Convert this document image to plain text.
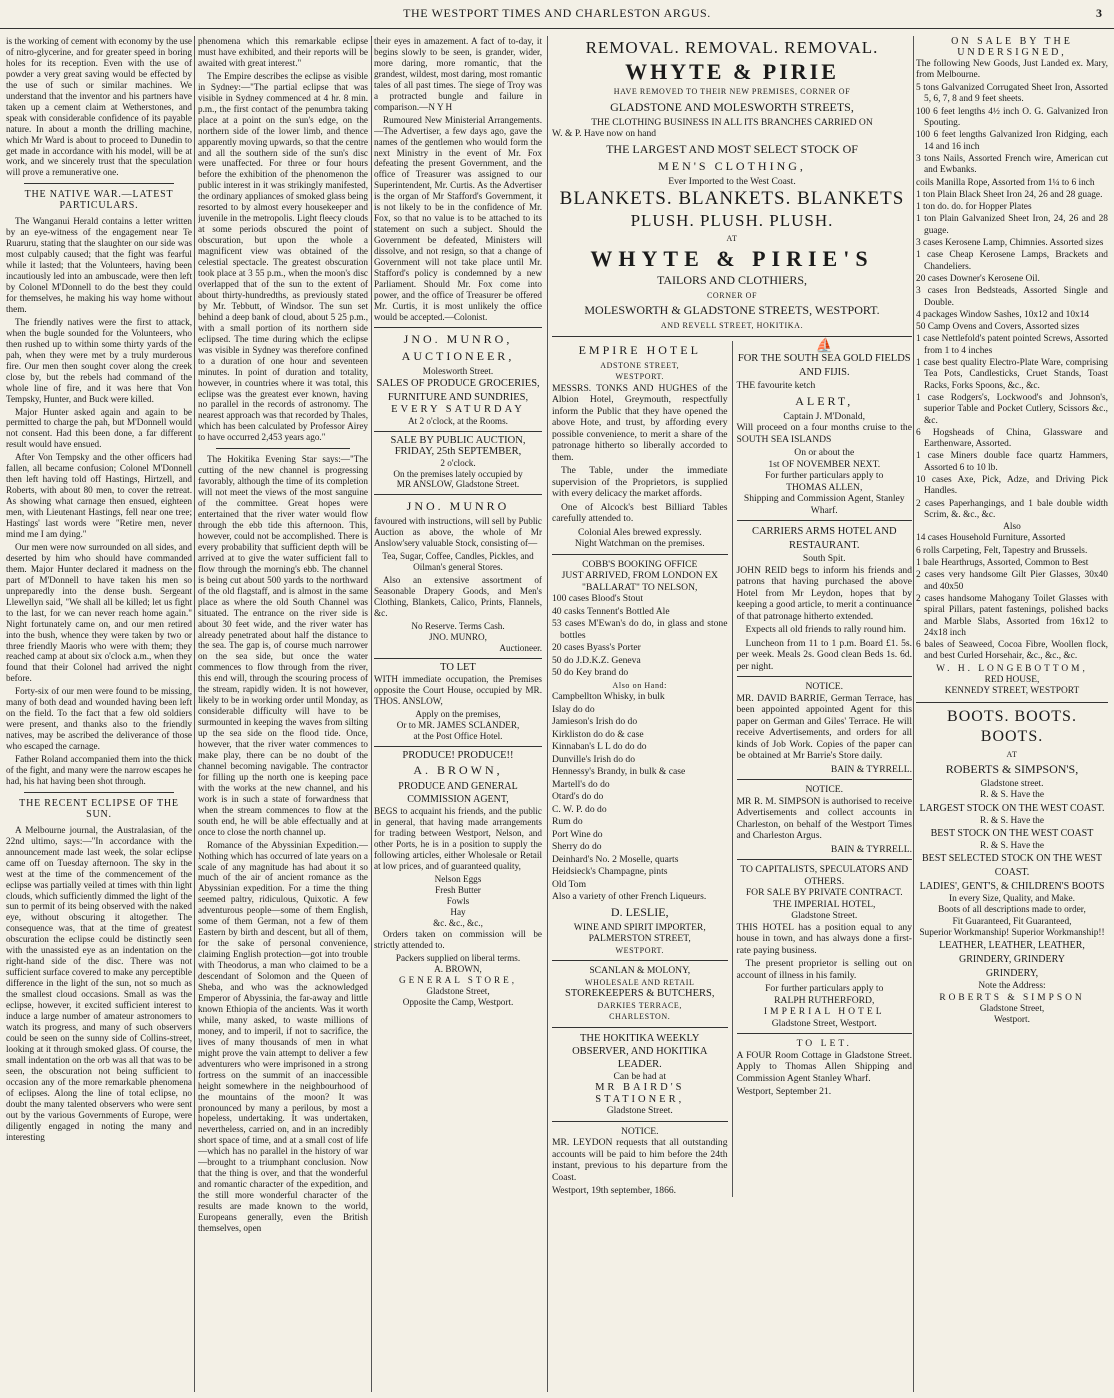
THE WESTPORT TIMES AND CHARLESTON ARGUS.	3

is the working of cement with economy by the use of nitro-glycerine, and for greater speed in boring holes for its reception. Even with the use of powder a very great saving would be effected by the use of such or similar machines. We understand that the inventor and his partners have taken up a cement claim at Wetherstones, and speak with considerable confidence of its payable nature. In about a month the drilling machine, which Mr Ward is about to proceed to Dunedin to get made in accordance with his model, will be at work, and we sincerely trust that the speculation will prove a remunerative one.

THE NATIVE WAR.—LATEST PARTICULARS.

The Wanganui Herald contains a letter written by an eye-witness of the engagement near Te Ruaruru, stating that the slaughter on our side was most culpably caused; that the fight was fearful while it lasted; that the Volunteers, having been incautiously led into an ambuscade, were then left by Colonel M'Donnell to do the best they could for themselves, he making his way home without them.

The friendly natives were the first to attack, when the bugle sounded for the Volunteers, who then rushed up to within some thirty yards of the pah, when they were met by a truly murderous fire. Our men then sought cover along the creek close by, but the rebels had command of the whole line of fire, and it was here that Von Tempsky, Hunter, and Buck were killed.

Major Hunter asked again and again to be permitted to charge the pah, but M'Donnell would not consent. Had this been done, a far different result would have ensued.

After Von Tempsky and the other officers had fallen, all became confusion; Colonel M'Donnell then left having told off Hastings, Hirtzell, and Roberts, with about 80 men, to cover the retreat. As showing what carnage then ensued, eighteen men, with Lieutenant Hastings, fell near one tree; Hastings' last words were "Retire men, never mind me I am dying."

Our men were now surrounded on all sides, and deserted by him who should have commanded them. Major Hunter declared it madness on the part of M'Donnell to have taken his men so unpreparedly into the dense bush. Sergeant Llewellyn said, "We shall all be killed; let us fight to the last, for we can never reach home again." Night fortunately came on, and our men retired into the bush, whence they were taken by two or three friendly Maoris who were with them; they reached camp at about six o'clock a.m., when they found that their Colonel had arrived the night before.

Forty-six of our men were found to be missing, many of both dead and wounded having been left on the field. To the fact that a few old soldiers were present, and thanks also to the friendly natives, may be ascribed the deliverance of those who escaped the carnage.

Father Roland accompanied them into the thick of the fight, and many were the narrow escapes he had, his hat having been shot through.

THE RECENT ECLIPSE OF THE SUN.

A Melbourne journal, the Australasian, of the 22nd ultimo, says:—"In accordance with the announcement made last week, the solar eclipse came off on Tuesday afternoon. The sky in the west at the time of the commencement of the eclipse was partially veiled at times with thin light clouds, which sufficiently dimmed the light of the sun to permit of its being observed with the naked eye, without obscuring it altogether. The consequence was, that at the time of greatest obscuration the eclipse could be distinctly seen with the unassisted eye as an indentation on the right-hand side of the disc. There was not sufficient surface covered to make any perceptible difference in the light of the sun, not so much as the smallest cloud occasions. Small as was the eclipse, however, it excited sufficient interest to induce a large number of amateur astronomers to watch its progress, and many of such observers could be seen on the sunny side of Collins-street, looking at it through smoked glass. Of course, the small indentation on the orb was all that was to be seen, the obscuration not being sufficient to occasion any of the more remarkable phenomena of eclipses. Along the line of total eclipse, no doubt the many talented observers who were sent out by the various Governments of Europe, were diligently engaged in noting the many and interesting

phenomena which this remarkable eclipse must have exhibited, and their reports will be awaited with great interest."

The Empire describes the eclipse as visible in Sydney:—"The partial eclipse that was visible in Sydney commenced at 4 hr. 8 min. p.m., the first contact of the penumbra taking place at a point on the sun's edge, on the northern side of the lower limb, and thence apparently moving upwards, so that the centre and all the southern side of the sun's disc were unaffected. For three or four hours before the exhibition of the phenomenon the public interest in it was strikingly manifested, the ordinary appliances of smoked glass being resorted to by almost every housekeeper and juvenile in the metropolis. Light fleecy clouds at some periods obscured the point of obscuration, but upon the whole a magnificent view was obtained of the celestial spectacle. The greatest obscuration took place at 3 55 p.m., when the moon's disc overlapped that of the sun to the extent of about thirty-hundredths, as previously stated by Mr. Tebbutt, of Windsor. The sun set behind a deep bank of cloud, about 5 25 p.m., with a small portion of its northern side eclipsed. The time during which the eclipse was visible in Sydney was therefore confined to a duration of one hour and seventeen minutes. In point of duration and totality, however, in countries where it was total, this eclipse was the greatest ever known, having no parallel in the records of astronomy. The nearest approach was that recorded by Thales, which has been calculated by Professor Airey to have occurred 2,453 years ago."

The Hokitika Evening Star says:—"The cutting of the new channel is progressing favorably, although the time of its completion will not meet the views of the most sanguine of the committee. Great hopes were entertained that the river water would flow through the ebb tide this afternoon. This, however, could not be accomplished. There is every probability that sufficient depth will be arrived at to give the water sufficient fall to flow through the morning's ebb. The channel is being cut about 500 yards to the northward of the old flagstaff, and is almost in the same place as where the old South Channel was situated. The entrance on the river side is about 30 feet wide, and the river water has already penetrated about half the distance to the sea. The gap is, of course much narrower on the sea side, but once the water commences to flow through from the river, this end will, through the scouring process of the stream, rapidly widen. It is not however, likely to be in working order until Monday, as considerable difficulty will have to be surmounted in keeping the waves from silting up the sea side on the flood tide. Once, however, that the river water commences to make play, there can be no doubt of the channel becoming navigable. The contractor for filling up the north one is keeping pace with the works at the new channel, and his work is in such a state of forwardness that when the stream commences to flow at the south end, he will be able effectually and at once to close the north channel up.

Romance of the Abyssinian Expedition.—Nothing which has occurred of late years on a scale of any magnitude has had about it so much of the air of ancient romance as the Abyssinian expedition. For a time the thing seemed paltry, ridiculous, Quixotic. A few adventurous people—some of them English, some of them German, not a few of them Eastern by birth and descent, but all of them, for the sake of personal convenience, claiming English protection—got into trouble with Theodorus, a man who claimed to be a descendant of Solomon and the Queen of Sheba, and who was the acknowledged Emperor of Abyssinia, the far-away and little known Ethiopia of the ancients. Was it worth while, many asked, to waste millions of money, and to imperil, if not to sacrifice, the lives of many thousands of men in what might prove the vain attempt to deliver a few adventurers who were imprisoned in a strong fortress on the summit of an inaccessible height somewhere in the neighbourhood of the mountains of the moon? It was pronounced by many a perilous, by most a hopeless, undertaking. It was undertaken, nevertheless, carried on, and in an incredibly short space of time, and at a small cost of life—which has no parallel in the history of war—brought to a triumphant conclusion. Now that the thing is over, and that the wonderful and romantic character of the expedition, and the still more wonderful character of the results are made known to the world, Europeans generally, even the British themselves, open

their eyes in amazement. A fact of to-day, it begins slowly to be seen, is grander, wider, more daring, more romantic, that the grandest, wildest, most daring, most romantic tales of all past times. The siege of Troy was a protracted bungle and failure in comparison.—N Y H

Rumoured New Ministerial Arrangements.—The Advertiser, a few days ago, gave the names of the gentlemen who would form the next Ministry in the event of Mr. Fox defeating the present Government, and the office of Treasurer was assigned to our Superintendent, Mr. Curtis. As the Advertiser is the organ of Mr Stafford's Government, it is not likely to be in the confidence of Mr. Fox, so that no value is to be attached to its statement on such a subject. Should the Government be defeated, Ministers will dissolve, and not resign, so that a change of Government will not take place until Mr. Stafford's policy is condemned by a new Parliament. Should Mr. Fox come into power, and the office of Treasurer be offered Mr. Curtis, it is most unlikely the office would be accepted.—Colonist.

JNO. MUNRO,
AUCTIONEER,
Molesworth Street.
SALES OF PRODUCE GROCERIES, FURNITURE AND SUNDRIES,
EVERY SATURDAY
At 2 o'clock, at the Rooms.
SALE BY PUBLIC AUCTION,
FRIDAY, 25th SEPTEMBER,
2 o'clock.
On the premises lately occupied by
MR ANSLOW, Gladstone Street.
JNO. MUNRO

favoured with instructions, will sell by Public Auction as above, the whole of Mr Anslow'sery valuable Stock, consisting of—

Tea, Sugar, Coffee, Candles, Pickles, and Oilman's general Stores.

Also an extensive assortment of Seasonable Drapery Goods, and Men's Clothing, Blankets, Calico, Prints, Flannels, &c.

No Reserve. Terms Cash.
JNO. MUNRO,
Auctioneer.
TO LET

WITH immediate occupation, the Premises opposite the Court House, occupied by MR. THOS. ANSLOW,

Apply on the premises,
Or to MR. JAMES SCLANDER,
at the Post Office Hotel.
PRODUCE! PRODUCE!!
A. BROWN,
PRODUCE AND GENERAL COMMISSION AGENT,

BEGS to acquaint his friends, and the public in general, that having made arrangements for trading between Westport, Nelson, and other Ports, he is in a position to supply the following articles, either Wholesale or Retail at low prices, and of guaranteed quality,

Nelson Eggs
Fresh Butter
Fowls
Hay
&c. &c., &c.,

Orders taken on commission will be strictly attended to.

Packers supplied on liberal terms.
A. BROWN,
GENERAL STORE,
Gladstone Street,
Opposite the Camp, Westport.
REMOVAL. REMOVAL. REMOVAL.
WHYTE & PIRIE
HAVE REMOVED TO THEIR NEW PREMISES, CORNER OF
GLADSTONE AND MOLESWORTH STREETS,
THE CLOTHING BUSINESS IN ALL ITS BRANCHES CARRIED ON
W. & P. Have now on hand
THE LARGEST AND MOST SELECT STOCK OF
MEN'S CLOTHING,
Ever Imported to the West Coast.
BLANKETS. BLANKETS. BLANKETS
PLUSH. PLUSH. PLUSH.
AT
WHYTE & PIRIE'S
TAILORS AND CLOTHIERS,
CORNER OF
MOLESWORTH & GLADSTONE STREETS, WESTPORT.
AND REVELL STREET, HOKITIKA.
EMPIRE HOTEL
ADSTONE STREET,
WESTPORT.

MESSRS. TONKS AND HUGHES of the Albion Hotel, Greymouth, respectfully inform the Public that they have opened the above Hote, and trust, by affording every possible convenience, to merit a share of the patronage hitherto so liberally accorded to them.

The Table, under the immediate supervision of the Proprietors, is supplied with every delicacy the market affords.

One of Alcock's best Billiard Tables carefully attended to.

Colonial Ales brewed expressly.
Night Watchman on the premises.
COBB'S BOOKING OFFICE
JUST ARRIVED, FROM LONDON EX "BALLARAT" TO NELSON,
100 cases Blood's Stout
40 casks Tennent's Bottled Ale
53 cases M'Ewan's do do, in glass and stone bottles
20 cases Byass's Porter
50 do J.D.K.Z. Geneva
50 do Key brand do
Also on Hand:
Campbellton Whisky, in bulk
Islay do do
Jamieson's Irish do do
Kirkliston do do & case
Kinnaban's L L do do do
Dunville's Irish do do
Hennessy's Brandy, in bulk & case
Martell's do do
Otard's do do
C. W. P. do do
Rum do
Port Wine do
Sherry do do
Deinhard's No. 2 Moselle, quarts
Heidsieck's Champagne, pints
Old Tom
Also a variety of other French Liqueurs.
D. LESLIE,
WINE AND SPIRIT IMPORTER,
PALMERSTON STREET,
WESTPORT.
SCANLAN & MOLONY,
WHOLESALE AND RETAIL
STOREKEEPERS & BUTCHERS,
DARKIES TERRACE,
CHARLESTON.
THE HOKITIKA WEEKLY OBSERVER, AND HOKITIKA LEADER.
Can be had at
MR BAIRD'S
STATIONER,
Gladstone Street.
NOTICE.

MR. LEYDON requests that all outstanding accounts will be paid to him before the 24th instant, previous to his departure from the Coast.

Westport, 19th september, 1866.
⛵
FOR THE SOUTH SEA GOLD FIELDS AND FIJIS.
THE favourite ketch
ALERT,
Captain J. M'Donald,

Will proceed on a four months cruise to the SOUTH SEA ISLANDS

On or about the
1st OF NOVEMBER NEXT.
For further particulars apply to
THOMAS ALLEN,
Shipping and Commission Agent, Stanley Wharf.
CARRIERS ARMS HOTEL AND RESTAURANT.
South Spit.

JOHN REID begs to inform his friends and patrons that having purchased the above Hotel from Mr Leydon, hopes that by keeping a good article, to merit a continuance of that patronage hitherto extended.

Expects all old friends to rally round him.

Luncheon from 11 to 1 p.m. Board £1. 5s. per week. Meals 2s. Good clean Beds 1s. 6d. per night.

NOTICE.

MR. DAVID BARRIE, German Terrace, has been appointed appointed Agent for this paper on German and Giles' Terrace. He will receive Advertisements, and orders for all kinds of Job Work. Copies of the paper can be obtained at Mr Barrie's Store daily.

BAIN & TYRRELL.
NOTICE.

MR R. M. SIMPSON is authorised to receive Advertisements and collect accounts in Charleston, on behalf of the Westport Times and Charleston Argus.

BAIN & TYRRELL.
TO CAPITALISTS, SPECULATORS AND OTHERS.
FOR SALE BY PRIVATE CONTRACT.
THE IMPERIAL HOTEL,
Gladstone Street.

THIS HOTEL has a position equal to any house in town, and has always done a first-rate paying business.

The present proprietor is selling out on account of illness in his family.

For further particulars apply to
RALPH RUTHERFORD,
IMPERIAL HOTEL
Gladstone Street, Westport.
TO LET.

A FOUR Room Cottage in Gladstone Street. Apply to Thomas Allen Shipping and Commission Agent Stanley Wharf.

Westport, September 21.
ON SALE BY THE UNDERSIGNED,

The following New Goods, Just Landed ex. Mary, from Melbourne.

5 tons Galvanized Corrugated Sheet Iron, Assorted 5, 6, 7, 8 and 9 feet sheets.
100 6 feet lengths 4½ inch O. G. Galvanized Iron Spouting.
100 6 feet lengths Galvanized Iron Ridging, each 14 and 16 inch
3 tons Nails, Assorted French wire, American cut and Ewbanks.
coils Manilla Rope, Assorted from 1¼ to 6 inch
1 ton Plain Black Sheet Iron 24, 26 and 28 guage.
1 ton do. do. for Hopper Plates
1 ton Plain Galvanized Sheet Iron, 24, 26 and 28 guage.
3 cases Kerosene Lamp, Chimnies. Assorted sizes
1 case Cheap Kerosene Lamps, Brackets and Chandeliers.
20 cases Downer's Kerosene Oil.
3 cases Iron Bedsteads, Assorted Single and Double.
4 packages Window Sashes, 10x12 and 10x14
50 Camp Ovens and Covers, Assorted sizes
1 case Nettlefold's patent pointed Screws, Assorted from 1 to 4 inches
1 case best quality Electro-Plate Ware, comprising Tea Pots, Candlesticks, Cruet Stands, Toast Racks, Forks Spoons, &c., &c.
1 case Rodgers's, Lockwood's and Johnson's, superior Table and Pocket Cutlery, Scissors &c., &c.
6 Hogsheads of China, Glassware and Earthenware, Assorted.
1 case Miners double face quartz Hammers, Assorted 6 to 10 lb.
10 cases Axe, Pick, Adze, and Driving Pick Handles.
2 cases Paperhangings, and 1 bale double width Scrim, &. &c., &c.
Also
14 cases Household Furniture, Assorted
6 rolls Carpeting, Felt, Tapestry and Brussels.
1 bale Hearthrugs, Assorted, Common to Best
2 cases very handsome Gilt Pier Glasses, 30x40 and 40x50
2 cases handsome Mahogany Toilet Glasses with spiral Pillars, patent fastenings, polished backs and Marble Slabs, Assorted from 16x12 to 24x18 inch
6 bales of Seaweed, Cocoa Fibre, Woollen flock, and best Curled Horsehair, &c., &c., &c.
W. H. LONGEBOTTOM,
RED HOUSE,
KENNEDY STREET, WESTPORT
BOOTS. BOOTS. BOOTS.
AT
ROBERTS & SIMPSON'S,
Gladstone street.
R. & S. Have the
LARGEST STOCK ON THE WEST COAST.
R. & S. Have the
BEST STOCK ON THE WEST COAST
R. & S. Have the
BEST SELECTED STOCK ON THE WEST COAST.
LADIES', GENT'S, & CHILDREN'S BOOTS
In every Size, Quality, and Make.
Boots of all descriptions made to order,
Fit Guaranteed, Fit Guaranteed,
Superior Workmanship! Superior Workmanship!!
LEATHER, LEATHER, LEATHER,
GRINDERY, GRINDERY
GRINDERY,
Note the Address:
ROBERTS & SIMPSON
Gladstone Street,
Westport.
